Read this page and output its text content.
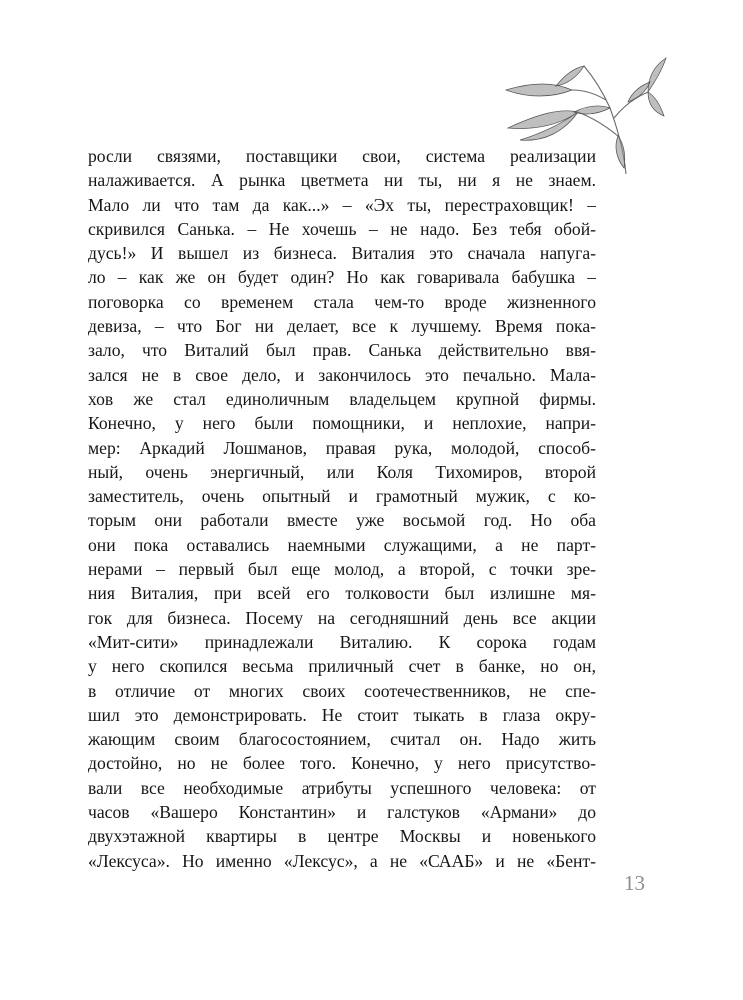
росли связями, поставщики свои, система реализации
налаживается. А рынка цветмета ни ты, ни я не знаем.
Мало ли что там да как...» – «Эх ты, перестраховщик! –
скривился Санька. – Не хочешь – не надо. Без тебя обой-
дусь!» И вышел из бизнеса. Виталия это сначала напуга-
ло – как же он будет один? Но как говаривала бабушка –
поговорка со временем стала чем-то вроде жизненного
девиза, – что Бог ни делает, все к лучшему. Время пока-
зало, что Виталий был прав. Санька действительно ввя-
зался не в свое дело, и закончилось это печально. Мала-
хов же стал единоличным владельцем крупной фирмы.
Конечно, у него были помощники, и неплохие, напри-
мер: Аркадий Лошманов, правая рука, молодой, способ-
ный, очень энергичный, или Коля Тихомиров, второй
заместитель, очень опытный и грамотный мужик, с ко-
торым они работали вместе уже восьмой год. Но оба
они пока оставались наемными служащими, а не парт-
нерами – первый был еще молод, а второй, с точки зре-
ния Виталия, при всей его толковости был излишне мя-
гок для бизнеса. Посему на сегодняшний день все акции
«Мит-сити» принадлежали Виталию. К сорока годам
у него скопился весьма приличный счет в банке, но он,
в отличие от многих своих соотечественников, не спе-
шил это демонстрировать. Не стоит тыкать в глаза окру-
жающим своим благосостоянием, считал он. Надо жить
достойно, но не более того. Конечно, у него присутство-
вали все необходимые атрибуты успешного человека: от
часов «Вашеро Константин» и галстуков «Армани» до
двухэтажной квартиры в центре Москвы и новенького
«Лексуса». Но именно «Лексус», а не «СААБ» и не «Бент-
13
